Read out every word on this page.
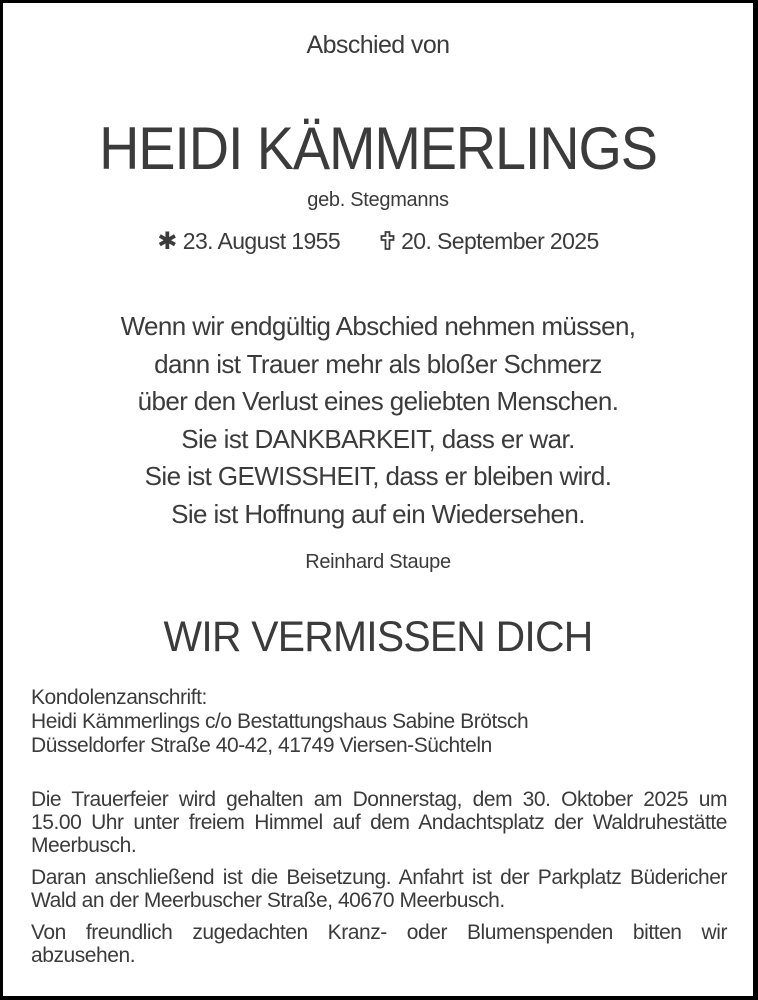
Abschied von
HEIDI KÄMMERLINGS
geb. Stegmanns
✱ 23. August 1955	20. September 2025
Wenn wir endgültig Abschied nehmen müssen,
dann ist Trauer mehr als bloßer Schmerz
über den Verlust eines geliebten Menschen.
Sie ist DANKBARKEIT, dass er war.
Sie ist GEWISSHEIT, dass er bleiben wird.
Sie ist Hoffnung auf ein Wiedersehen.
Reinhard Staupe
WIR VERMISSEN DICH
Kondolenzanschrift:
Heidi Kämmerlings c/o Bestattungshaus Sabine Brötsch
Düsseldorfer Straße 40-42, 41749 Viersen-Süchteln

Die Trauerfeier wird gehalten am Donnerstag, dem 30. Oktober 2025 um 15.00 Uhr unter freiem Himmel auf dem Andachtsplatz der Waldruhestätte Meerbusch.

Daran anschließend ist die Beisetzung. Anfahrt ist der Parkplatz Büdericher Wald an der Meerbuscher Straße, 40670 Meerbusch.

Von freundlich zugedachten Kranz- oder Blumenspenden bitten wir abzusehen.
